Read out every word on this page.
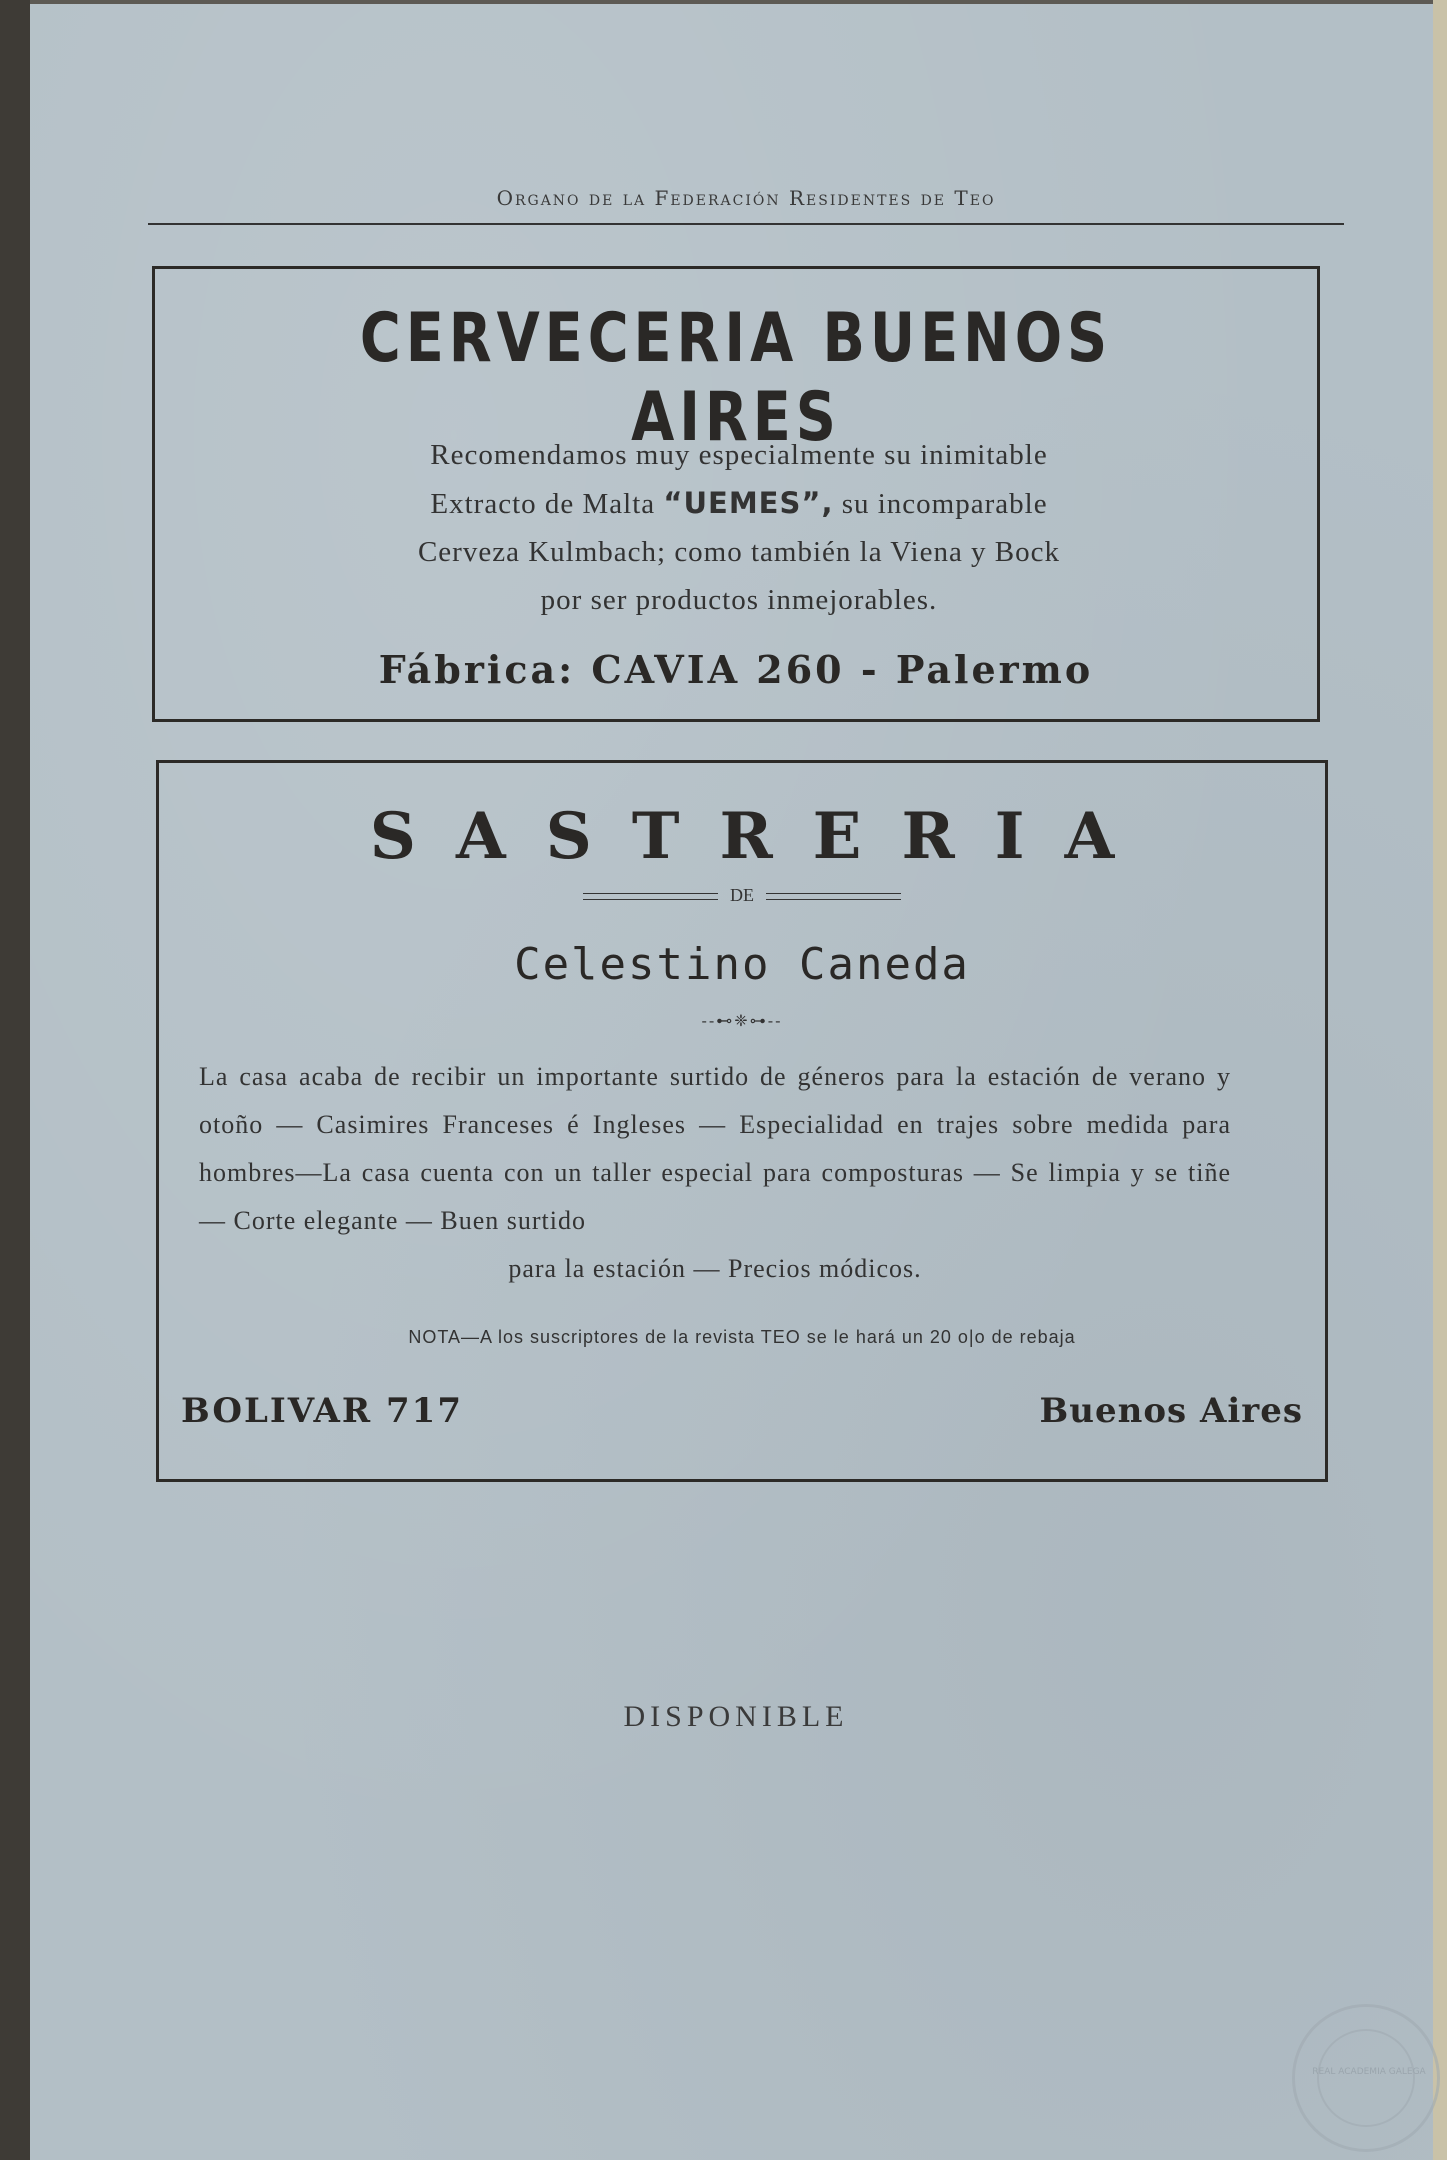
Organo de la Federación Residentes de Teo
CERVECERIA BUENOS AIRES
Recomendamos muy especialmente su inimitable
Extracto de Malta “UEMES”, su incomparable
Cerveza Kulmbach; como también la Viena y Bock
por ser productos inmejorables.
Fábrica: CAVIA 260 - Palermo
SASTRERIA
DE
Celestino Caneda
--⊷❈⊶--
La casa acaba de recibir un importante surtido de géneros para la estación de verano y otoño — Casimires Franceses é Ingleses — Especialidad en trajes sobre medida para hombres—La casa cuenta con un taller especial para composturas — Se limpia y se tiñe — Corte elegante — Buen surtido
para la estación — Precios módicos.
NOTA—A los suscriptores de la revista TEO se le hará un 20 o|o de rebaja
BOLIVAR 717	Buenos Aires
DISPONIBLE
REAL ACADEMIA GALEGA
